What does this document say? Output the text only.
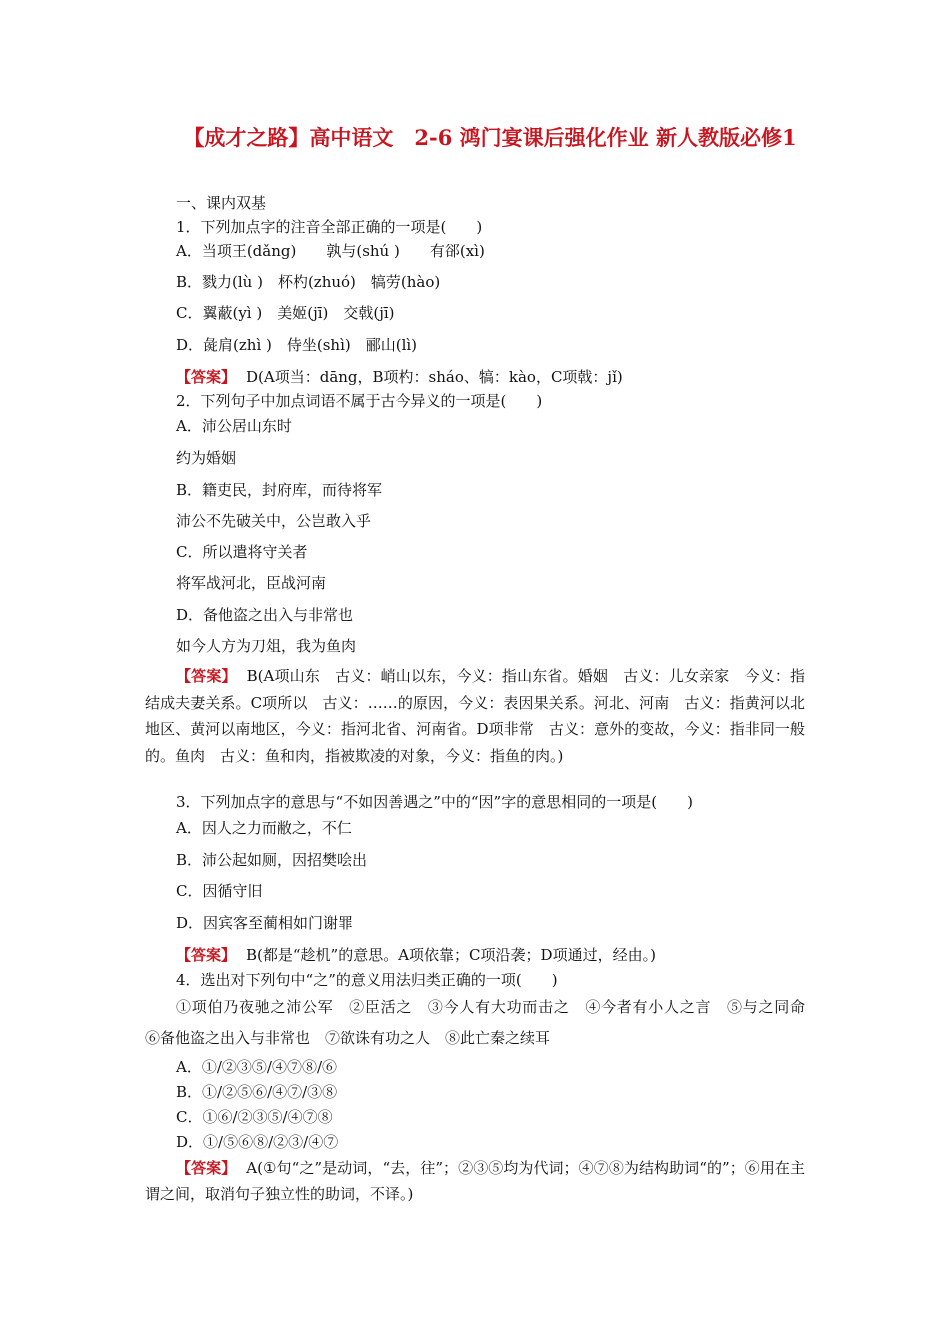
【成才之路】高中语文　2-6 鸿门宴课后强化作业 新人教版必修1
一、课内双基
1．下列加点字的注音全部正确的一项是(　　)
A．当项王(dǎng)　　孰与(shú )　　有郤(xì)
B．戮力(lù )　杯杓(zhuó)　犒劳(hào)
C．翼蔽(yì )　美姬(jī)　交戟(jī)
D．彘肩(zhì )　侍坐(shì)　郦山(lì)
【答案】 D(A项当：dāng，B项杓：sháo、犒：kào，C项戟：jǐ)
2．下列句子中加点词语不属于古今异义的一项是(　　)
A．沛公居山东时
约为婚姻
B．籍吏民，封府库，而待将军
沛公不先破关中，公岂敢入乎
C．所以遣将守关者
将军战河北，臣战河南
D．备他盗之出入与非常也
如今人方为刀俎，我为鱼肉
【答案】 B(A项山东　古义：峭山以东，今义：指山东省。婚姻　古义：儿女亲家　今义：指结成夫妻关系。C项所以　古义：……的原因，今义：表因果关系。河北、河南　古义：指黄河以北地区、黄河以南地区，今义：指河北省、河南省。D项非常　古义：意外的变故，今义：指非同一般的。鱼肉　古义：鱼和肉，指被欺凌的对象，今义：指鱼的肉。)
3．下列加点字的意思与“不如因善遇之”中的“因”字的意思相同的一项是(　　)
A．因人之力而敝之，不仁
B．沛公起如厕，因招樊哙出
C．因循守旧
D．因宾客至蔺相如门谢罪
【答案】 B(都是“趁机”的意思。A项依靠；C项沿袭；D项通过，经由。)
4．选出对下列句中“之”的意义用法归类正确的一项(　　)
①项伯乃夜驰之沛公军　②臣活之　③今人有大功而击之　④今者有小人之言　⑤与之同命　⑥备他盗之出入与非常也　⑦欲诛有功之人　⑧此亡秦之续耳
A．①/②③⑤/④⑦⑧/⑥
B．①/②⑤⑥/④⑦/③⑧
C．①⑥/②③⑤/④⑦⑧
D．①/⑤⑥⑧/②③/④⑦
【答案】 A(①句“之”是动词，“去，往”；②③⑤均为代词；④⑦⑧为结构助词“的”；⑥用在主谓之间，取消句子独立性的助词，不译。)
